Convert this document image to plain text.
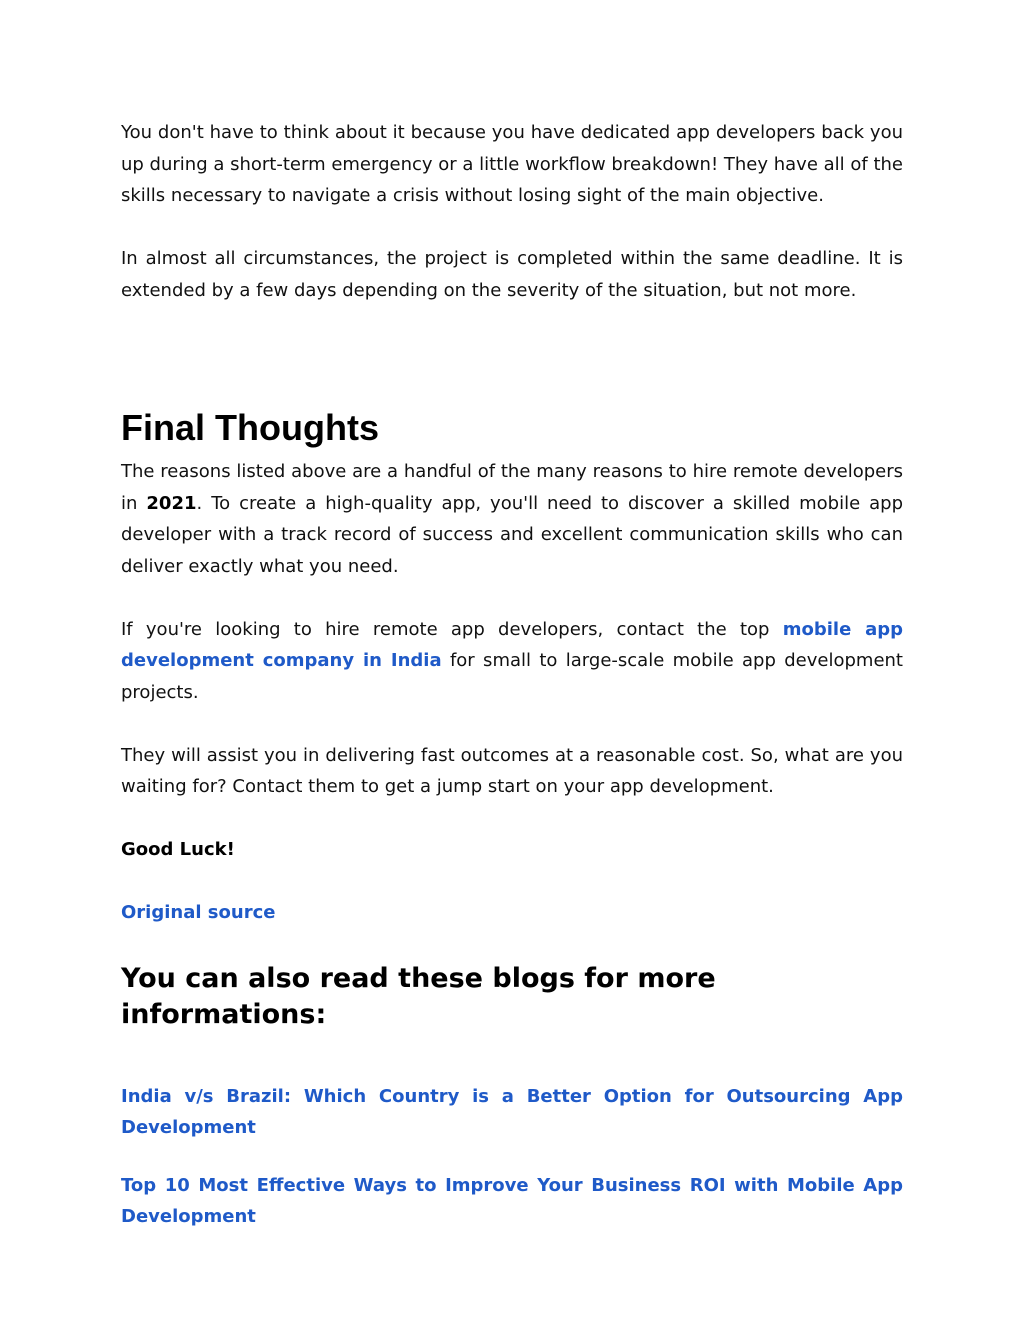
You don't have to think about it because you have dedicated app developers back you up during a short-term emergency or a little workflow breakdown! They have all of the skills necessary to navigate a crisis without losing sight of the main objective.

In almost all circumstances, the project is completed within the same deadline. It is extended by a few days depending on the severity of the situation, but not more.

Final Thoughts

The reasons listed above are a handful of the many reasons to hire remote developers in 2021. To create a high-quality app, you'll need to discover a skilled mobile app developer with a track record of success and excellent communication skills who can deliver exactly what you need.

If you're looking to hire remote app developers, contact the top mobile app development company in India for small to large-scale mobile app development projects.

They will assist you in delivering fast outcomes at a reasonable cost. So, what are you waiting for? Contact them to get a jump start on your app development.

Good Luck!

Original source

You can also read these blogs for more informations:

India v/s Brazil: Which Country is a Better Option for Outsourcing App Development

Top 10 Most Effective Ways to Improve Your Business ROI with Mobile App Development
